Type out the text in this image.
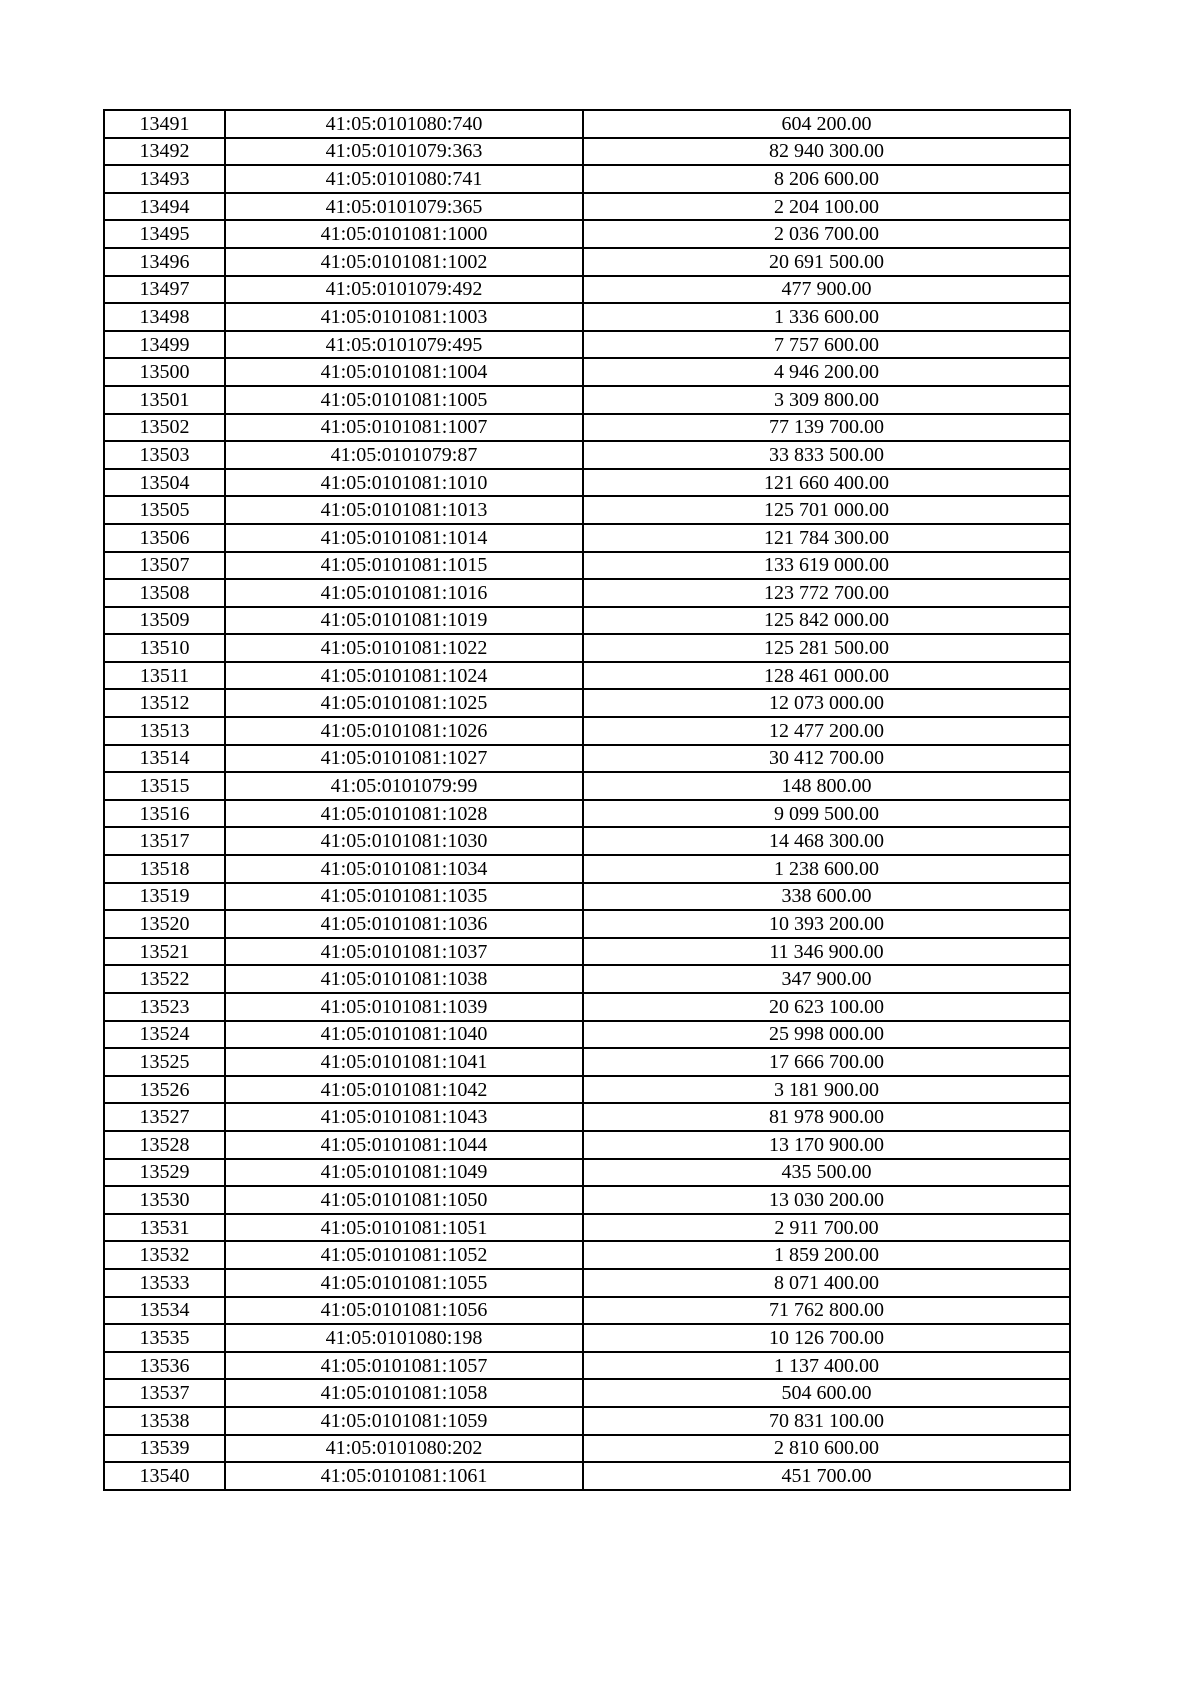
13491	41:05:0101080:740	604 200.00
13492	41:05:0101079:363	82 940 300.00
13493	41:05:0101080:741	8 206 600.00
13494	41:05:0101079:365	2 204 100.00
13495	41:05:0101081:1000	2 036 700.00
13496	41:05:0101081:1002	20 691 500.00
13497	41:05:0101079:492	477 900.00
13498	41:05:0101081:1003	1 336 600.00
13499	41:05:0101079:495	7 757 600.00
13500	41:05:0101081:1004	4 946 200.00
13501	41:05:0101081:1005	3 309 800.00
13502	41:05:0101081:1007	77 139 700.00
13503	41:05:0101079:87	33 833 500.00
13504	41:05:0101081:1010	121 660 400.00
13505	41:05:0101081:1013	125 701 000.00
13506	41:05:0101081:1014	121 784 300.00
13507	41:05:0101081:1015	133 619 000.00
13508	41:05:0101081:1016	123 772 700.00
13509	41:05:0101081:1019	125 842 000.00
13510	41:05:0101081:1022	125 281 500.00
13511	41:05:0101081:1024	128 461 000.00
13512	41:05:0101081:1025	12 073 000.00
13513	41:05:0101081:1026	12 477 200.00
13514	41:05:0101081:1027	30 412 700.00
13515	41:05:0101079:99	148 800.00
13516	41:05:0101081:1028	9 099 500.00
13517	41:05:0101081:1030	14 468 300.00
13518	41:05:0101081:1034	1 238 600.00
13519	41:05:0101081:1035	338 600.00
13520	41:05:0101081:1036	10 393 200.00
13521	41:05:0101081:1037	11 346 900.00
13522	41:05:0101081:1038	347 900.00
13523	41:05:0101081:1039	20 623 100.00
13524	41:05:0101081:1040	25 998 000.00
13525	41:05:0101081:1041	17 666 700.00
13526	41:05:0101081:1042	3 181 900.00
13527	41:05:0101081:1043	81 978 900.00
13528	41:05:0101081:1044	13 170 900.00
13529	41:05:0101081:1049	435 500.00
13530	41:05:0101081:1050	13 030 200.00
13531	41:05:0101081:1051	2 911 700.00
13532	41:05:0101081:1052	1 859 200.00
13533	41:05:0101081:1055	8 071 400.00
13534	41:05:0101081:1056	71 762 800.00
13535	41:05:0101080:198	10 126 700.00
13536	41:05:0101081:1057	1 137 400.00
13537	41:05:0101081:1058	504 600.00
13538	41:05:0101081:1059	70 831 100.00
13539	41:05:0101080:202	2 810 600.00
13540	41:05:0101081:1061	451 700.00
